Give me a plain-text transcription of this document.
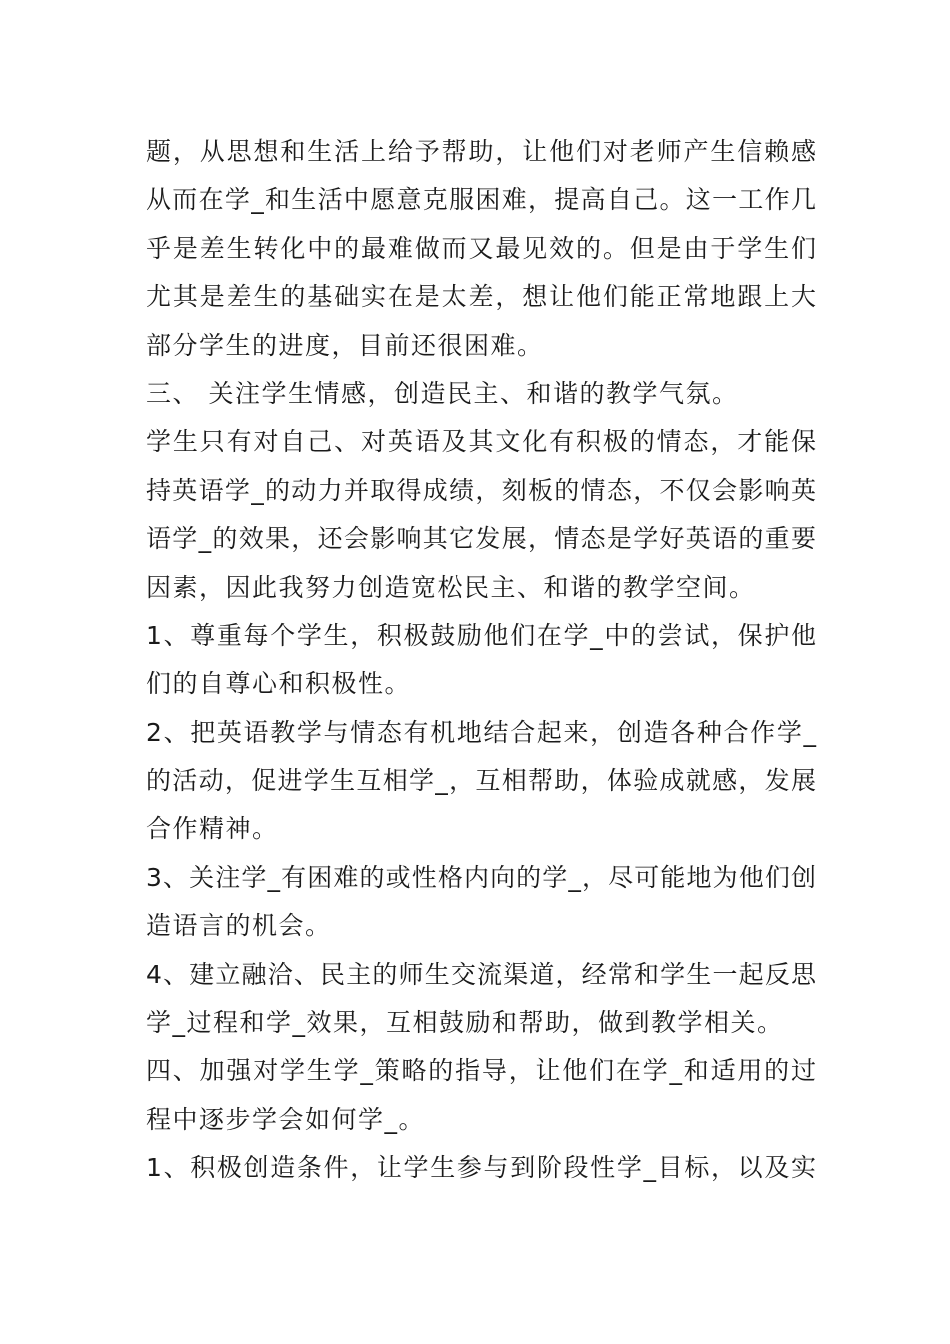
题，从思想和生活上给予帮助，让他们对老师产生信赖感
从而在学_和生活中愿意克服困难，提高自己。这一工作几
乎是差生转化中的最难做而又最见效的。但是由于学生们
尤其是差生的基础实在是太差，想让他们能正常地跟上大
部分学生的进度，目前还很困难。
三、 关注学生情感，创造民主、和谐的教学气氛。
学生只有对自己、对英语及其文化有积极的情态，才能保
持英语学_的动力并取得成绩，刻板的情态，不仅会影响英
语学_的效果，还会影响其它发展，情态是学好英语的重要
因素，因此我努力创造宽松民主、和谐的教学空间。
1、尊重每个学生，积极鼓励他们在学_中的尝试，保护他
们的自尊心和积极性。
2、把英语教学与情态有机地结合起来，创造各种合作学_
的活动，促进学生互相学_，互相帮助，体验成就感，发展
合作精神。
3、关注学_有困难的或性格内向的学_，尽可能地为他们创
造语言的机会。
4、建立融洽、民主的师生交流渠道，经常和学生一起反思
学_过程和学_效果，互相鼓励和帮助，做到教学相关。
四、加强对学生学_策略的指导，让他们在学_和适用的过
程中逐步学会如何学_。
1、积极创造条件，让学生参与到阶段性学_目标，以及实
